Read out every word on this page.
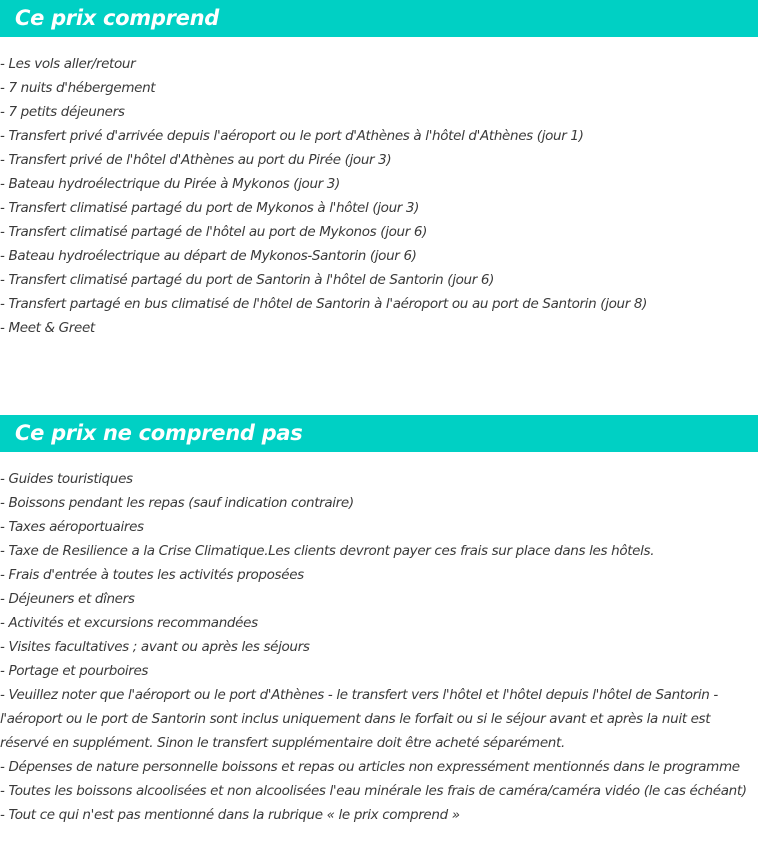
Ce prix comprend
- Les vols aller/retour
- 7 nuits d'hébergement
- 7 petits déjeuners
- Transfert privé d'arrivée depuis l'aéroport ou le port d'Athènes à l'hôtel d'Athènes (jour 1)
- Transfert privé de l'hôtel d'Athènes au port du Pirée (jour 3)
- Bateau hydroélectrique du Pirée à Mykonos (jour 3)
- Transfert climatisé partagé du port de Mykonos à l'hôtel (jour 3)
- Transfert climatisé partagé de l'hôtel au port de Mykonos (jour 6)
- Bateau hydroélectrique au départ de Mykonos-Santorin (jour 6)
- Transfert climatisé partagé du port de Santorin à l'hôtel de Santorin (jour 6)
- Transfert partagé en bus climatisé de l'hôtel de Santorin à l'aéroport ou au port de Santorin (jour 8)
- Meet & Greet
Ce prix ne comprend pas
- Guides touristiques
- Boissons pendant les repas (sauf indication contraire)
- Taxes aéroportuaires
- Taxe de Resilience a la Crise Climatique.Les clients devront payer ces frais sur place dans les hôtels.
- Frais d'entrée à toutes les activités proposées
- Déjeuners et dîners
- Activités et excursions recommandées
- Visites facultatives ; avant ou après les séjours
- Portage et pourboires
- Veuillez noter que l'aéroport ou le port d'Athènes - le transfert vers l'hôtel et l'hôtel depuis l'hôtel de Santorin - l'aéroport ou le port de Santorin sont inclus uniquement dans le forfait ou si le séjour avant et après la nuit est réservé en supplément. Sinon le transfert supplémentaire doit être acheté séparément.
- Dépenses de nature personnelle boissons et repas ou articles non expressément mentionnés dans le programme
- Toutes les boissons alcoolisées et non alcoolisées l'eau minérale les frais de caméra/caméra vidéo (le cas échéant)
- Tout ce qui n'est pas mentionné dans la rubrique « le prix comprend »
